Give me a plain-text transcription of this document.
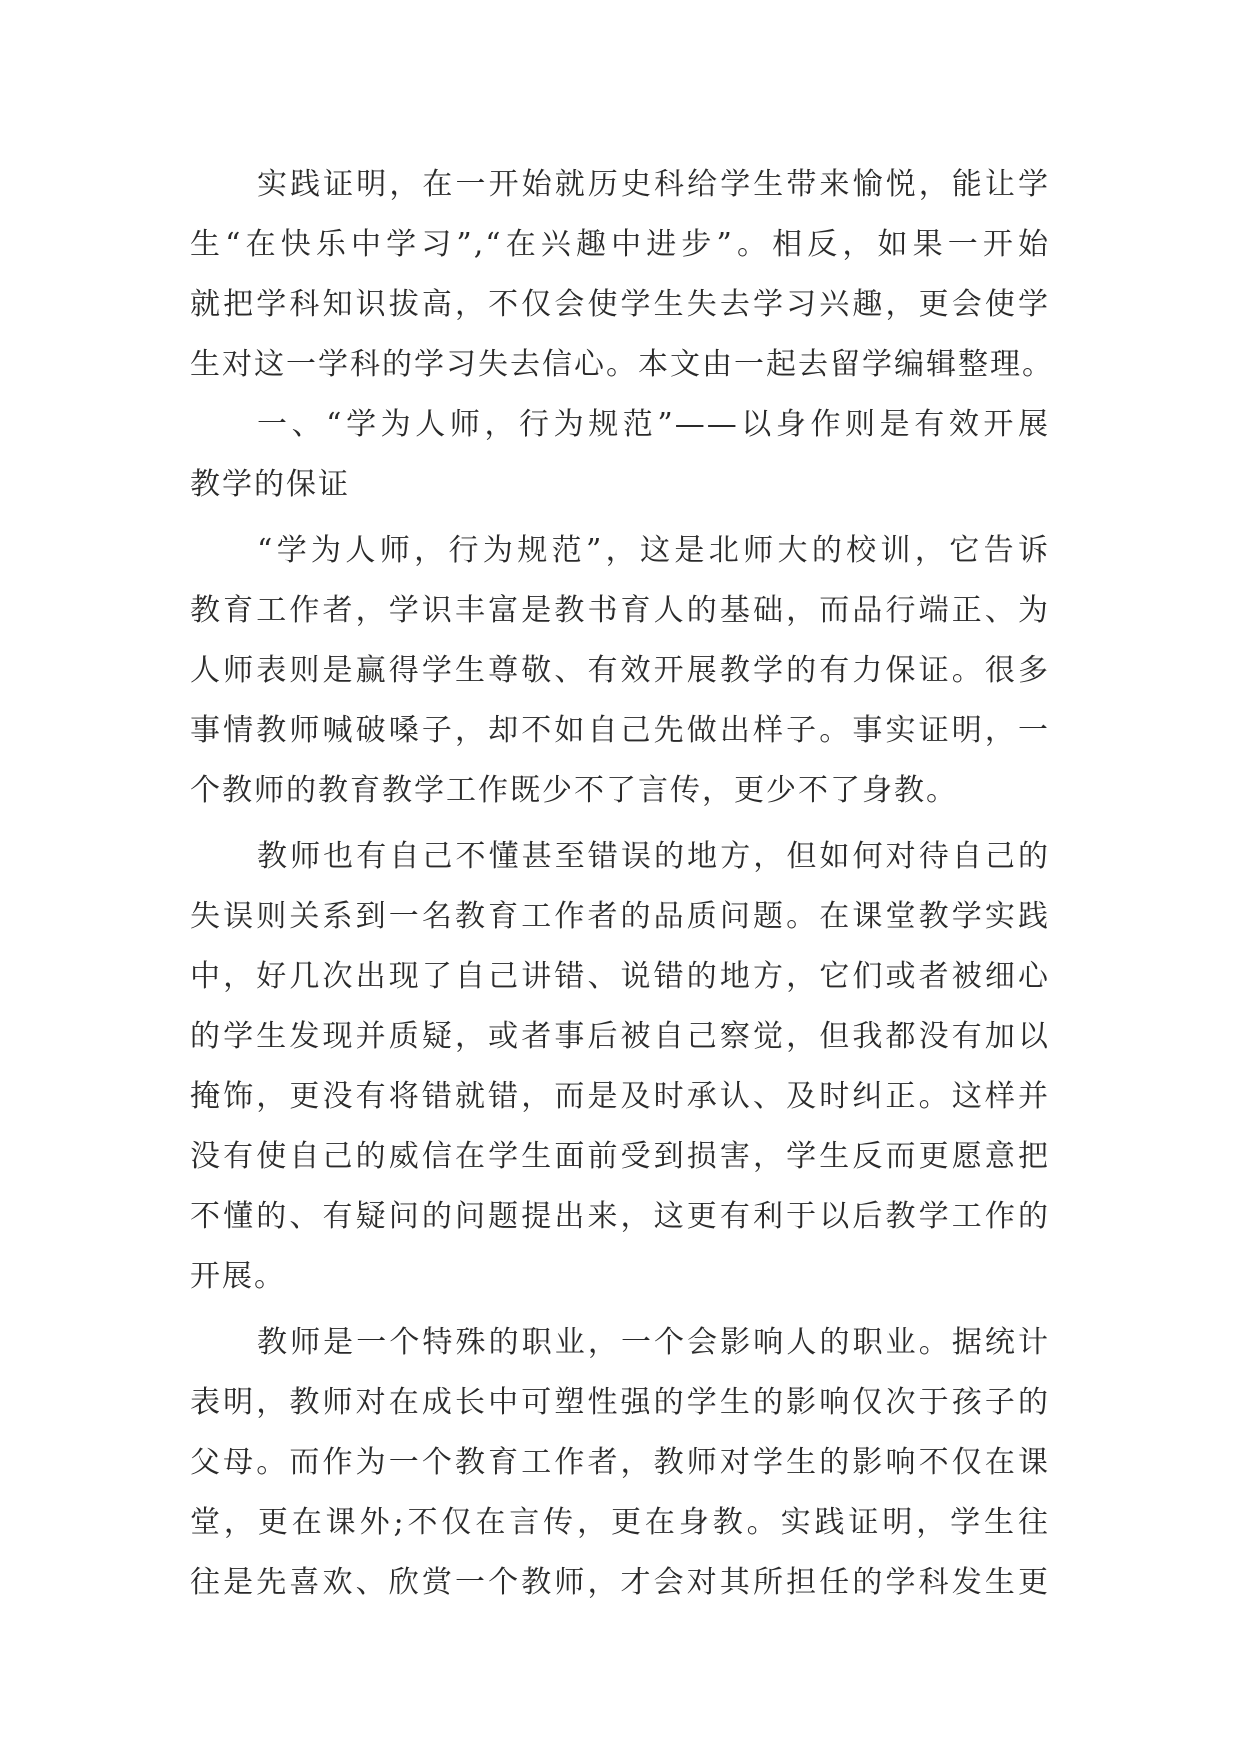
实践证明，在一开始就历史科给学生带来愉悦，能让学
生“在快乐中学习”,“在兴趣中进步”。相反，如果一开始
就把学科知识拔高，不仅会使学生失去学习兴趣，更会使学
生对这一学科的学习失去信心。本文由一起去留学编辑整理。
一、“学为人师，行为规范”——以身作则是有效开展
教学的保证
“学为人师，行为规范”，这是北师大的校训，它告诉
教育工作者，学识丰富是教书育人的基础，而品行端正、为
人师表则是赢得学生尊敬、有效开展教学的有力保证。很多
事情教师喊破嗓子，却不如自己先做出样子。事实证明，一
个教师的教育教学工作既少不了言传，更少不了身教。
教师也有自己不懂甚至错误的地方，但如何对待自己的
失误则关系到一名教育工作者的品质问题。在课堂教学实践
中，好几次出现了自己讲错、说错的地方，它们或者被细心
的学生发现并质疑，或者事后被自己察觉，但我都没有加以
掩饰，更没有将错就错，而是及时承认、及时纠正。这样并
没有使自己的威信在学生面前受到损害，学生反而更愿意把
不懂的、有疑问的问题提出来，这更有利于以后教学工作的
开展。
教师是一个特殊的职业，一个会影响人的职业。据统计
表明，教师对在成长中可塑性强的学生的影响仅次于孩子的
父母。而作为一个教育工作者，教师对学生的影响不仅在课
堂，更在课外;不仅在言传，更在身教。实践证明，学生往
往是先喜欢、欣赏一个教师，才会对其所担任的学科发生更
